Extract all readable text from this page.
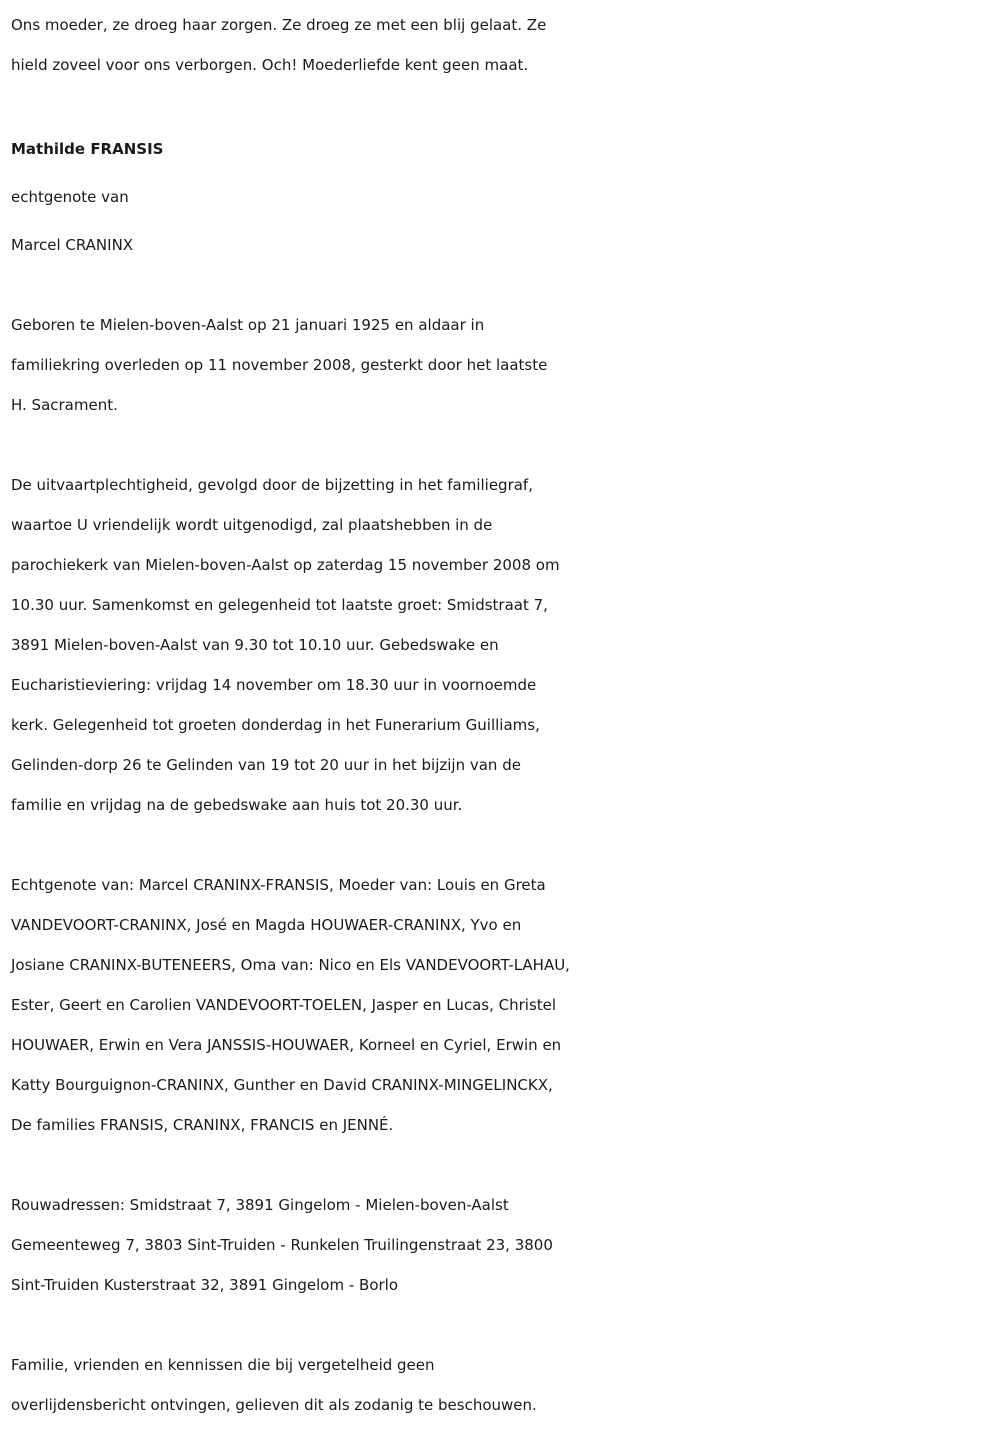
Ons moeder, ze droeg haar zorgen. Ze droeg ze met een blij gelaat. Ze
hield zoveel voor ons verborgen. Och! Moederliefde kent geen maat.

Mathilde FRANSIS
echtgenote van
Marcel CRANINX

Geboren te Mielen-boven-Aalst op 21 januari 1925 en aldaar in
familiekring overleden op 11 november 2008, gesterkt door het laatste
H. Sacrament.

De uitvaartplechtigheid, gevolgd door de bijzetting in het familiegraf,
waartoe U vriendelijk wordt uitgenodigd, zal plaatshebben in de
parochiekerk van Mielen-boven-Aalst op zaterdag 15 november 2008 om
10.30 uur. Samenkomst en gelegenheid tot laatste groet: Smidstraat 7,
3891 Mielen-boven-Aalst van 9.30 tot 10.10 uur. Gebedswake en
Eucharistieviering: vrijdag 14 november om 18.30 uur in voornoemde
kerk. Gelegenheid tot groeten donderdag in het Funerarium Guilliams,
Gelinden-dorp 26 te Gelinden van 19 tot 20 uur in het bijzijn van de
familie en vrijdag na de gebedswake aan huis tot 20.30 uur.

Echtgenote van: Marcel CRANINX-FRANSIS, Moeder van: Louis en Greta
VANDEVOORT-CRANINX, José en Magda HOUWAER-CRANINX, Yvo en
Josiane CRANINX-BUTENEERS, Oma van: Nico en Els VANDEVOORT-LAHAU,
Ester, Geert en Carolien VANDEVOORT-TOELEN, Jasper en Lucas, Christel
HOUWAER, Erwin en Vera JANSSIS-HOUWAER, Korneel en Cyriel, Erwin en
Katty Bourguignon-CRANINX, Gunther en David CRANINX-MINGELINCKX,
De families FRANSIS, CRANINX, FRANCIS en JENNÉ.

Rouwadressen: Smidstraat 7, 3891 Gingelom - Mielen-boven-Aalst
Gemeenteweg 7, 3803 Sint-Truiden - Runkelen Truilingenstraat 23, 3800
Sint-Truiden Kusterstraat 32, 3891 Gingelom - Borlo

Familie, vrienden en kennissen die bij vergetelheid geen
overlijdensbericht ontvingen, gelieven dit als zodanig te beschouwen.
